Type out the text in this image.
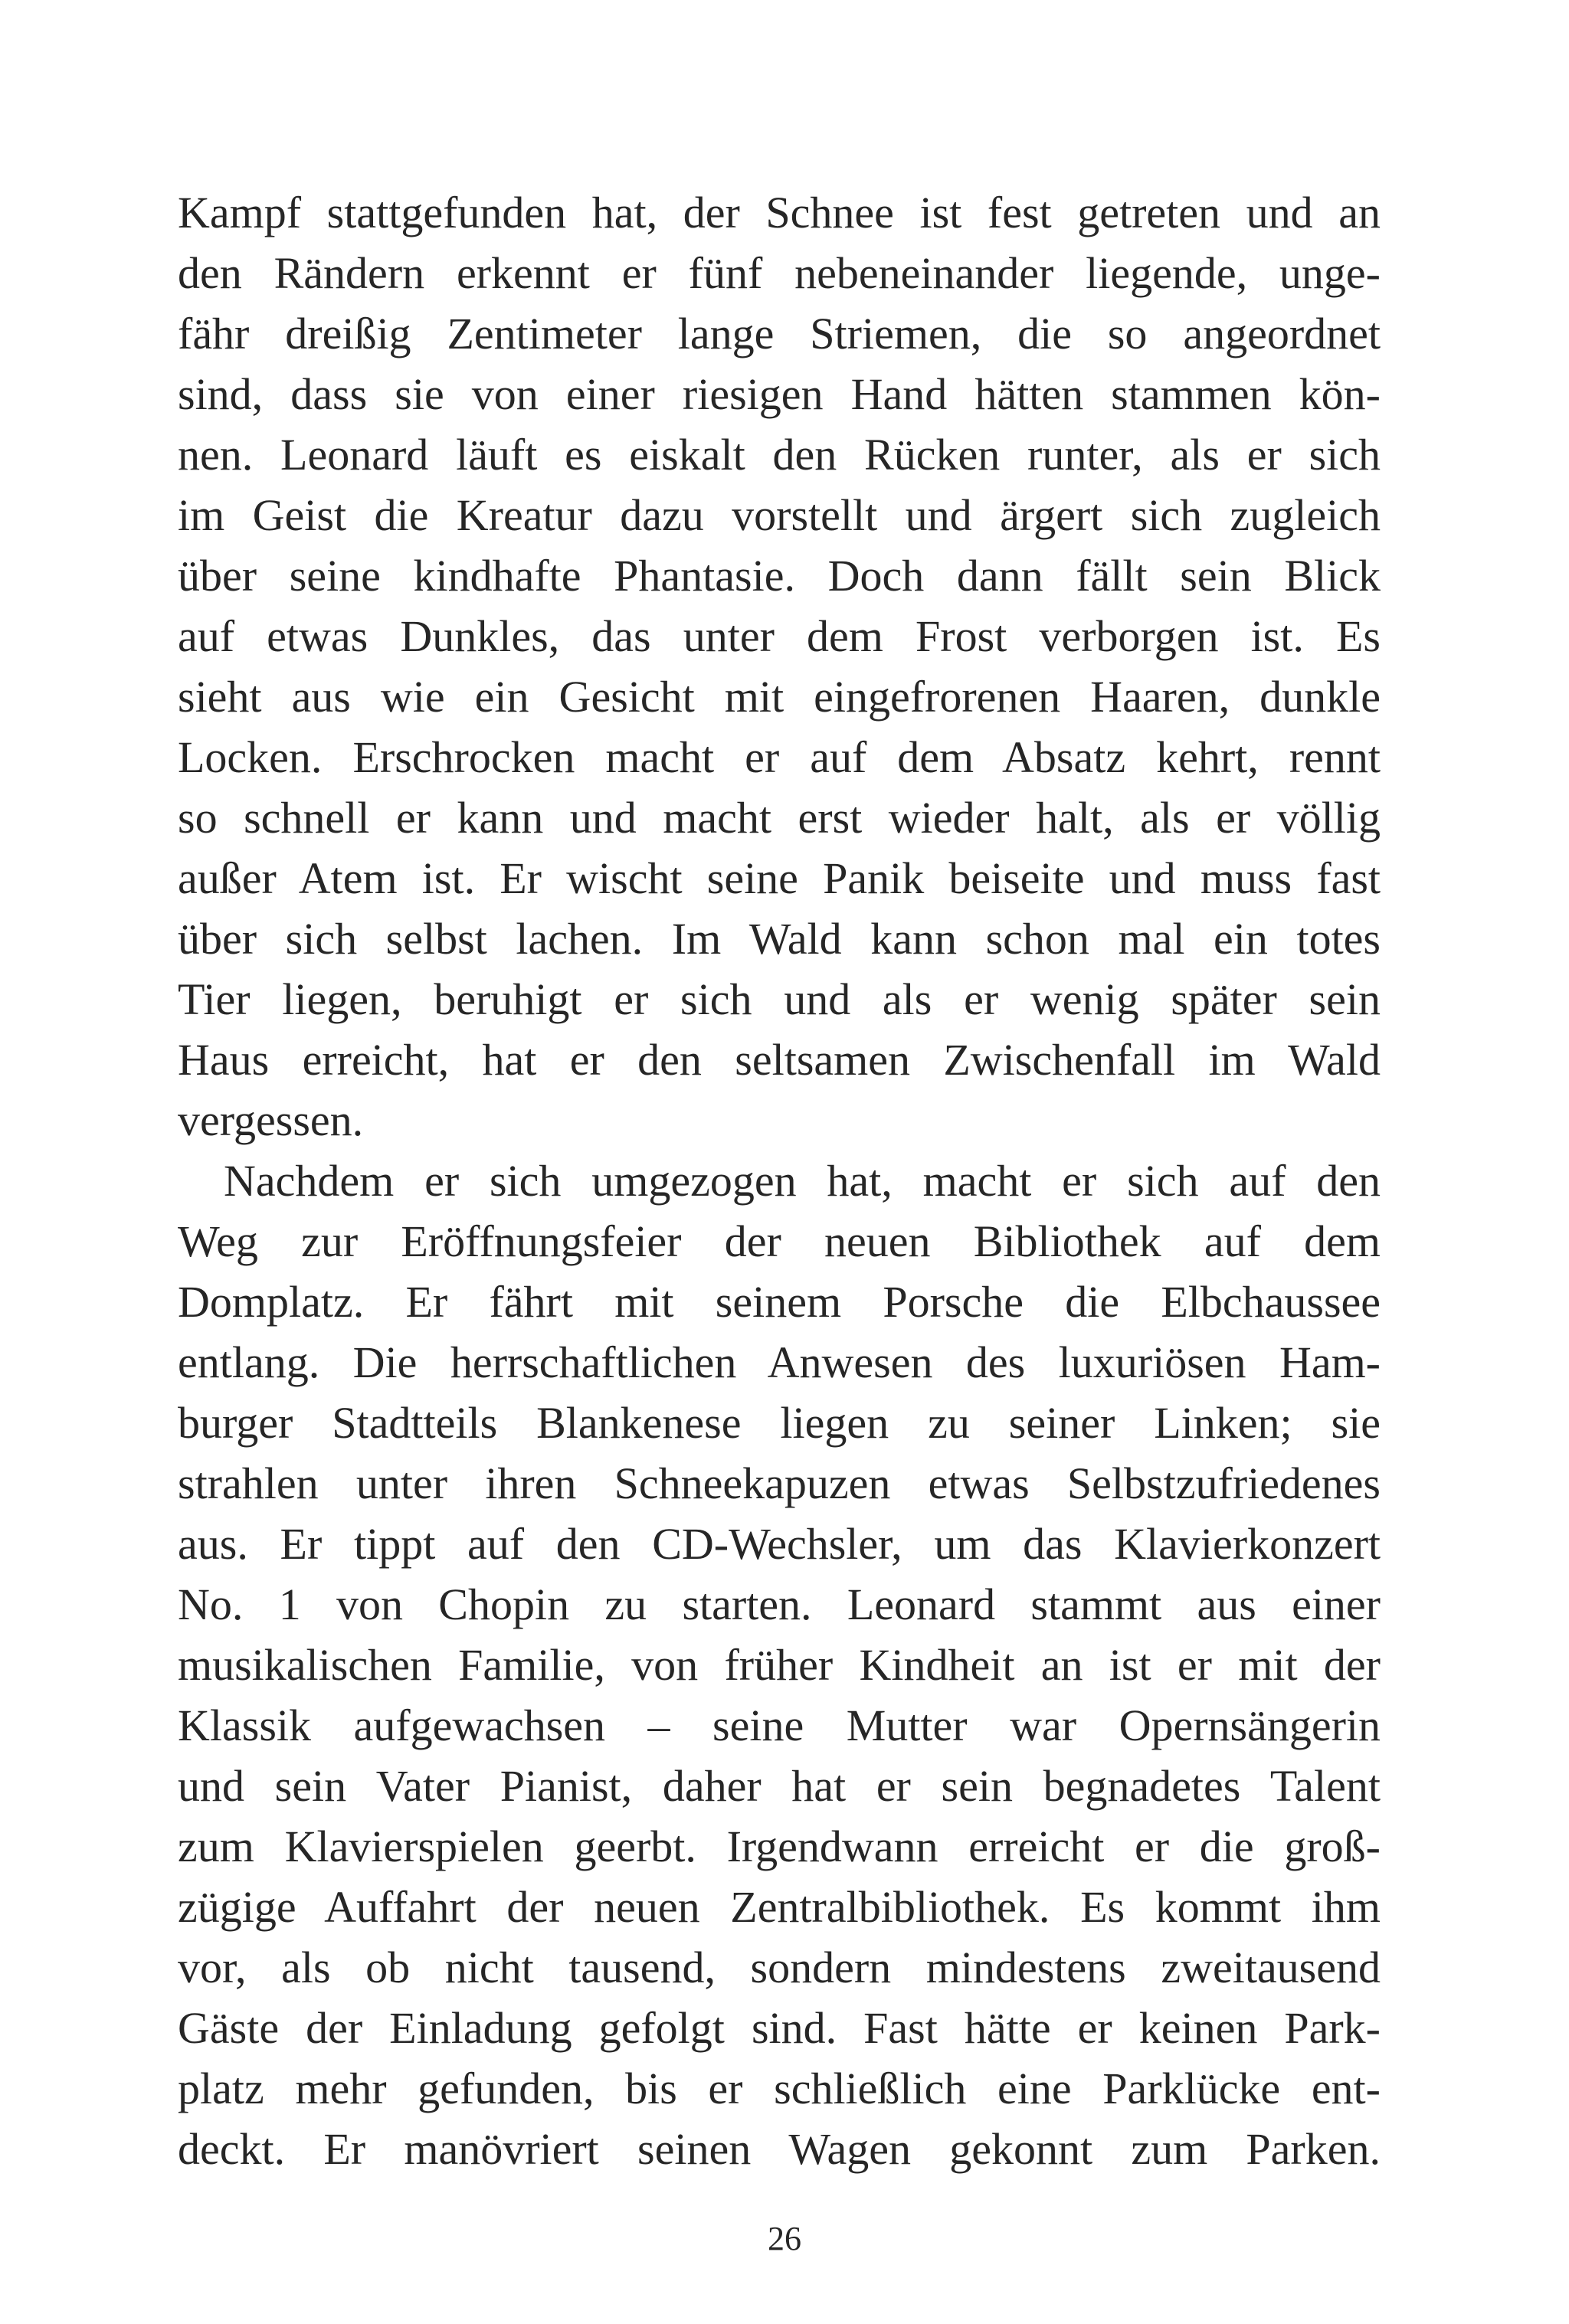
Kampf stattgefunden hat, der Schnee ist fest getreten und an
den Rändern erkennt er fünf nebeneinander liegende, unge-
fähr dreißig Zentimeter lange Striemen, die so angeordnet
sind, dass sie von einer riesigen Hand hätten stammen kön-
nen. Leonard läuft es eiskalt den Rücken runter, als er sich
im Geist die Kreatur dazu vorstellt und ärgert sich zugleich
über seine kindhafte Phantasie. Doch dann fällt sein Blick
auf etwas Dunkles, das unter dem Frost verborgen ist. Es
sieht aus wie ein Gesicht mit eingefrorenen Haaren, dunkle
Locken. Erschrocken macht er auf dem Absatz kehrt, rennt
so schnell er kann und macht erst wieder halt, als er völlig
außer Atem ist. Er wischt seine Panik beiseite und muss fast
über sich selbst lachen. Im Wald kann schon mal ein totes
Tier liegen, beruhigt er sich und als er wenig später sein
Haus erreicht, hat er den seltsamen Zwischenfall im Wald
vergessen.
Nachdem er sich umgezogen hat, macht er sich auf den
Weg zur Eröffnungsfeier der neuen Bibliothek auf dem
Domplatz. Er fährt mit seinem Porsche die Elbchaussee
entlang. Die herrschaftlichen Anwesen des luxuriösen Ham-
burger Stadtteils Blankenese liegen zu seiner Linken; sie
strahlen unter ihren Schneekapuzen etwas Selbstzufriedenes
aus. Er tippt auf den CD-Wechsler, um das Klavierkonzert
No. 1 von Chopin zu starten. Leonard stammt aus einer
musikalischen Familie, von früher Kindheit an ist er mit der
Klassik aufgewachsen – seine Mutter war Opernsängerin
und sein Vater Pianist, daher hat er sein begnadetes Talent
zum Klavierspielen geerbt. Irgendwann erreicht er die groß-
zügige Auffahrt der neuen Zentralbibliothek. Es kommt ihm
vor, als ob nicht tausend, sondern mindestens zweitausend
Gäste der Einladung gefolgt sind. Fast hätte er keinen Park-
platz mehr gefunden, bis er schließlich eine Parklücke ent-
deckt. Er manövriert seinen Wagen gekonnt zum Parken.
26
